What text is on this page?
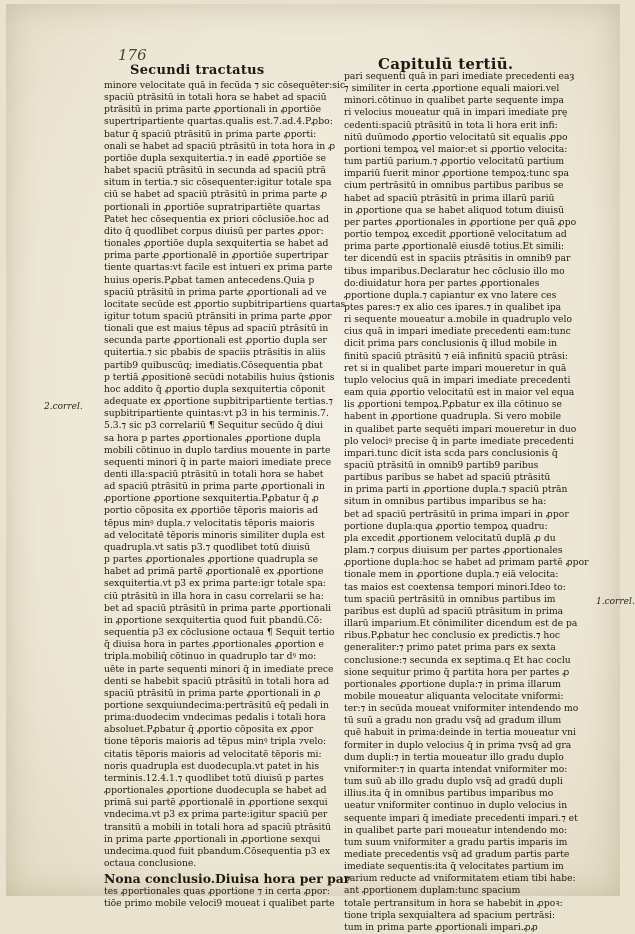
176
Secundi tractatus	Capitulū tertiū.
2.correl.
1.correl.
minore velocitate quā in fecūda ⁊ sic cōsequēter:sic
spaciū ptrāsitū in totali hora se habet ad spaciū
ptrāsitū in prima parte ꝓportionali in ꝓportiōe
supertripartiente quartas.qualis est.7.ad.4.Pꝓbo:
batur q̄ spaciū ptrāsitū in prima parte ꝓporti:
onali se habet ad spaciū ptrāsitū in tota hora in ꝓ
portiōe dupla sexquitertia.⁊ in eadē ꝓportiōe se
habet spaciū ptrāsitū in secunda ad spaciū ptrā
situm in tertia.⁊ sic cōsequenter:igitur totale spa
ciū se habet ad spaciū ptrāsitū in prima parte ꝓ
portionali in ꝓportiōe supratripartiēte quartas
Patet hec cōsequentia ex priori cōclusiōe.hoc ad
dito q̄ quodlibet corpus diuisū per partes ꝓpor:
tionales ꝓportiōe dupla sexquitertia se habet ad
prima parte ꝓportionalē in ꝓportiōe supertripar
tiente quartas:vt facile est intueri ex prima parte
huius operis.Pꝓbat tamen antecedens.Quia p
spaciū ptrāsitū in prima parte ꝓportionali ad ve
locitate secūde est ꝓportio supbitripartiens quartas
igitur totum spaciū ptrānsiti in prima parte ꝓpor
tionali que est maius tēpus ad spaciū ptrāsitū in
secunda parte ꝓportionali est ꝓportio dupla ser
quitertia.⁊ sic pbabis de spaciis ptrāsitis in aliis
partib9 quibuscūq; imediatis.Cōsequentia pbat
p tertiā ꝓpositionē secūdi notabilis huius q̄stionis
hoc addito q̄ ꝓportio dupla sexquitertia cōponit
adequate ex ꝓportione supbitripartiente tertias.⁊
supbitripartiente quintas:vt p3 in his terminis.7.
5.3.⁊ sic p3 correlariū ¶ Sequitur secūdo q̄ diui
sa hora p partes ꝓportionales ꝓportione dupla
mobili cōtinuo in duplo tardius mouente in parte
sequenti minori q̄ in parte maiori imediate prece
denti illa:spaciū ptrāsitū in totali hora se habet
ad spaciū ptrāsitū in prima parte ꝓportionali in
ꝓportione ꝓportione sexquitertia.Pꝓbatur q̄ ꝓ
portio cōposita ex ꝓportiōe tēporis maioris ad
tēpus minꝰ dupla.⁊ velocitatis tēporis maioris
ad velocitatē tēporis minoris similiter dupla est
quadrupla.vt satis p3.⁊ quodlibet totū diuisū
p partes ꝓportionales ꝓportione quadrupla se
habet ad primā partē ꝓportionalē ex ꝓportione
sexquitertia.vt p3 ex prima parte:igr totale spa:
ciū ptrāsitū in illa hora in casu correlarii se ha:
bet ad spaciū ptrāsitū in prima parte ꝓportionali
in ꝓportione sexquitertia quod fuit pbandū.Cō:
sequentia p3 ex cōclusione octaua ¶ Sequit tertio
q̄ diuisa hora in partes ꝓportionales ꝓportion e
tripla.mobiliq̄ cōtinuo in quadruplo tar dꝰ mo:
uēte in parte sequenti minori q̄ in imediate prece
denti se habebit spaciū ptrāsitū in totali hora ad
spaciū ptrāsitū in prima parte ꝓportionali in ꝓ
portione sexquiundecima:pertrāsitū eq̄ pedali in
prima:duodecim vndecimas pedalis i totali hora
absoluet.Pꝓbatur q̄ ꝓportio cōposita ex ꝓpor
tione tēporis maioris ad tēpus minꝰ tripla ⁊velo:
citatis tēporis maioris ad velocitatē tēporis mi:
noris quadrupla est duodecupla.vt patet in his
terminis.12.4.1.⁊ quodlibet totū diuisū p partes
ꝓportionales ꝓportione duodecupla se habet ad
primā sui partē ꝓportionalē in ꝓportione sexqui
vndecima.vt p3 ex prima parte:igitur spaciū per
transitū a mobili in totali hora ad spaciū ptrāsitū
in prima parte ꝓportionali in ꝓportione sexqui
undecima.quod fuit pbandum.Cōsequentia p3 ex
octaua conclusione.
Nona conclusio.Diuisa hora per par
tes ꝓportionales quas ꝓportione ⁊ in certa ꝓpor:
tiōe primo mobile veloci9 moueat i qualibet parte
pari sequenti quā in pari imediate precedenti eaȝ
⁊ similiter in certa ꝓportione equali maiori.vel
minori.cōtinuo in qualibet parte sequente impa
ri velocius moueatur quā in impari imediate prę
cedenti:spaciū ptrāsitū in tota li hora erit infi:
nitū duūmodo ꝓportio velocitatū sit equalis ꝓpo
portioni tempoꝝ vel maior:et si ꝓportio velocita:
tum partiū parium.⁊ ꝓportio velocitatū partium
impariū fuerit minor ꝓportione tempoꝝ:tunc spa
cium pertrāsitū in omnibus partibus paribus se
habet ad spaciū ptrāsitū in prima illarū pariū
in ꝓportione qua se habet aliquod totum diuisū
per partes ꝓportionales in ꝓportione per quā ꝓpo
portio tempoꝝ excedit ꝓportionē velocitatum ad
prima parte ꝓportionalē eiusdē totius.Et simili:
ter dicendū est in spaciis ptrāsitis in omnib9 par
tibus imparibus.Declaratur hec cōclusio illo mo
do:diuidatur hora per partes ꝓportionales
ꝓportione dupla.⁊ capiantur ex vno latere ces
ptes pares:⁊ ex alio ces ipares.⁊ in qualibet ipa
ri sequente moueatur a.mobile in quadruplo velo
cius quā in impari imediate precedenti eam:tunc
dicit prima pars conclusionis q̄ illud mobile in
finitū spaciū ptrāsitū ⁊ eiā infinitū spaciū ptrāsi:
ret si in qualibet parte impari moueretur in quā
tuplo velocius quā in impari imediate precedenti
eam quia ꝓportio velocitatū est in maior vel equa
lis ꝓportioni tempoꝝ.Pꝓbatur ex illa cōtinuo se
habent in ꝓportione quadrupla. Si vero mobile
in qualibet parte sequēti impari moueretur in duo
plo velociꝰ precise q̄ in parte imediate precedenti
impari.tunc dicit ista scda pars conclusionis q̄
spaciū ptrāsitū in omnib9 partib9 paribus
partibus paribus se habet ad spaciū ptrāsitū
in prima parti in ꝓportione dupla.⁊ spaciū ptrān
situm in omnibus partibus imparibus se ha:
bet ad spaciū pertrāsitū in prima impari in ꝓpor
portione dupla:qua ꝓportio tempoꝝ quadru:
pla excedit ꝓportionem velocitatū duplā ꝓ du
plam.⁊ corpus diuisum per partes ꝓportionales
ꝓportione dupla:hoc se habet ad primam partē ꝓpor
tionale mem in ꝓportione dupla.⁊ eiā velocita:
tas maios est coextensa tempori minori.Ideo to:
tum spaciū pertrāsitū in omnibus partibus im
paribus est duplū ad spaciū ptrāsitum in prima
illarū imparium.Et cōnimiliter dicendum est de pa
ribus.Pꝓbatur hec conclusio ex predictis.⁊ hoc
generaliter:⁊ primo patet prima pars ex sexta
conclusione:⁊ secunda ex septima.q Et hac coclu
sione sequitur primo q̄ partita hora per partes ꝓ
portionales ꝓportione dupla:⁊ in prima illarum
mobile moueatur aliquanta velocitate vniformi:
ter:⁊ in secūda moueat vniformiter intendendo mo
tū suū a gradu non gradu vsq̄ ad gradum illum
quē habuit in prima:deinde in tertia moueatur vni
formiter in duplo velocius q̄ in prima ⁊vsq̄ ad gra
dum dupli:⁊ in tertia moueatur illo gradu duplo
vniformiter:⁊ in quarta intendat vniformiter mo:
tum suū ab illo gradu duplo vsq̄ ad gradū dupli
illius.ita q̄ in omnibus partibus imparibus mo
ueatur vniformiter continuo in duplo velocius in
sequente impari q̄ imediate precedenti impari.⁊ et
in qualibet parte pari moueatur intendendo mo:
tum suum vniformiter a gradu partis imparis im
mediate precedentis vsq̄ ad gradum partis parte
imediate sequentis:ita q̄ velocitates partium im
parium reducte ad vniformitatem etiam tibi habe:
ant ꝓportionem duplam:tunc spacium
totale pertransitum in hora se habebit in ꝓpoꝛ:
tione tripla sexquialtera ad spacium pertrāsi:
tum in prima parte ꝓportionali impari.ꝓꝓ
